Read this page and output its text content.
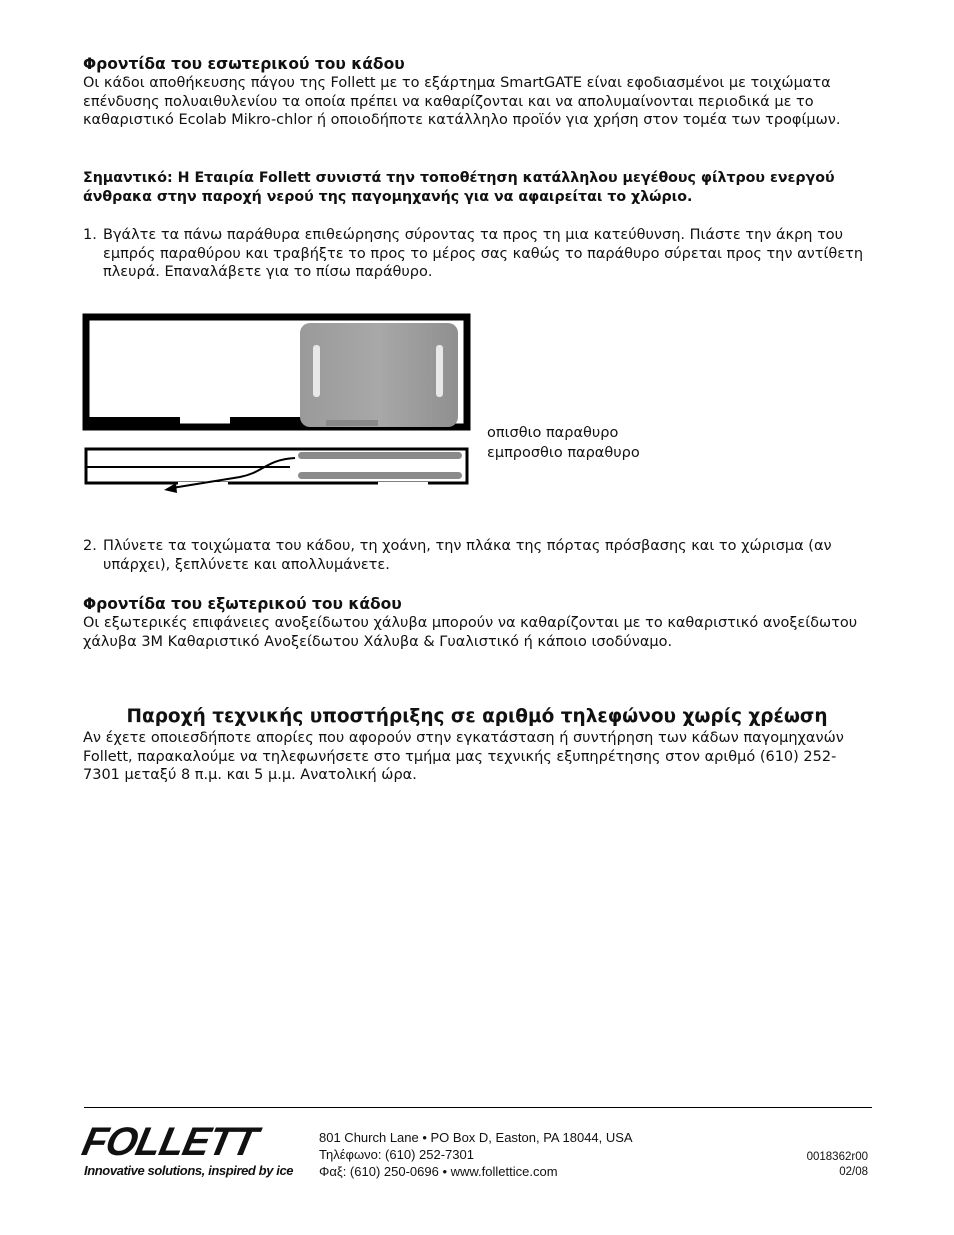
Φροντίδα του εσωτερικού του κάδου

Οι κάδοι αποθήκευσης πάγου της Follett με το εξάρτημα SmartGATE είναι εφοδιασμένοι με τοιχώματα επένδυσης πολυαιθυλενίου τα οποία πρέπει να καθαρίζονται και να απολυμαίνονται περιοδικά με το καθαριστικό Ecolab Mikro-chlor ή οποιοδήποτε κατάλληλο προϊόν για χρήση στον τομέα των τροφίμων.

Σημαντικό: Η Εταιρία Follett συνιστά την τοποθέτηση κατάλληλου μεγέθους φίλτρου ενεργού άνθρακα στην παροχή νερού της παγομηχανής για να αφαιρείται το χλώριο.

1. Βγάλτε τα πάνω παράθυρα επιθεώρησης σύροντας τα προς τη μια κατεύθυνση. Πιάστε την άκρη του εμπρός παραθύρου και τραβήξτε το προς το μέρος σας καθώς το παράθυρο σύρεται προς την αντίθετη πλευρά. Επαναλάβετε για το πίσω παράθυρο.
οπισθιο παραθυρο
εμπροσθιο παραθυρο
2. Πλύνετε τα τοιχώματα του κάδου, τη χοάνη, την πλάκα της πόρτας πρόσβασης και το χώρισμα (αν υπάρχει), ξεπλύνετε και απολλυμάνετε.
Φροντίδα του εξωτερικού του κάδου

Οι εξωτερικές επιφάνειες ανοξείδωτου χάλυβα μπορούν να καθαρίζονται με το καθαριστικό ανοξείδωτου χάλυβα 3M Καθαριστικό Ανοξείδωτου Χάλυβα & Γυαλιστικό ή κάποιο ισοδύναμο.

Παροχή τεχνικής υποστήριξης σε αριθμό τηλεφώνου χωρίς χρέωση

Αν έχετε οποιεσδήποτε απορίες που αφορούν στην εγκατάσταση ή συντήρηση των κάδων παγομηχανών Follett, παρακαλούμε να τηλεφωνήσετε στο τμήμα μας τεχνικής εξυπηρέτησης στον αριθμό (610) 252-7301 μεταξύ 8 π.μ. και 5 μ.μ. Ανατολική ώρα.

FOLLETT
Innovative solutions, inspired by ice
801 Church Lane • PO Box D, Easton, PA 18044, USA
Τηλέφωνο: (610) 252-7301
Φαξ: (610) 250-0696 • www.follettice.com
0018362r00
02/08
